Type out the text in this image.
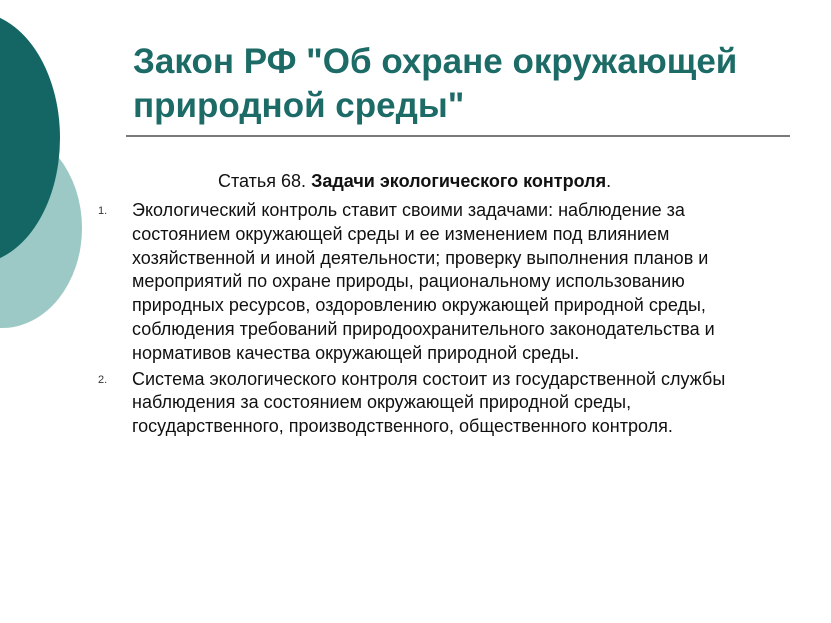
Закон РФ "Об охране окружающей природной среды"
Статья 68. Задачи экологического контроля.
1. Экологический контроль ставит своими задачами: наблюдение за состоянием окружающей среды и ее изменением под влиянием хозяйственной и иной деятельности; проверку выполнения планов и мероприятий по охране природы, рациональному использованию природных ресурсов, оздоровлению окружающей природной среды, соблюдения требований природоохранительного законодательства и нормативов качества окружающей природной среды.
2. Система экологического контроля состоит из государственной службы наблюдения за состоянием окружающей природной среды, государственного, производственного, общественного контроля.
